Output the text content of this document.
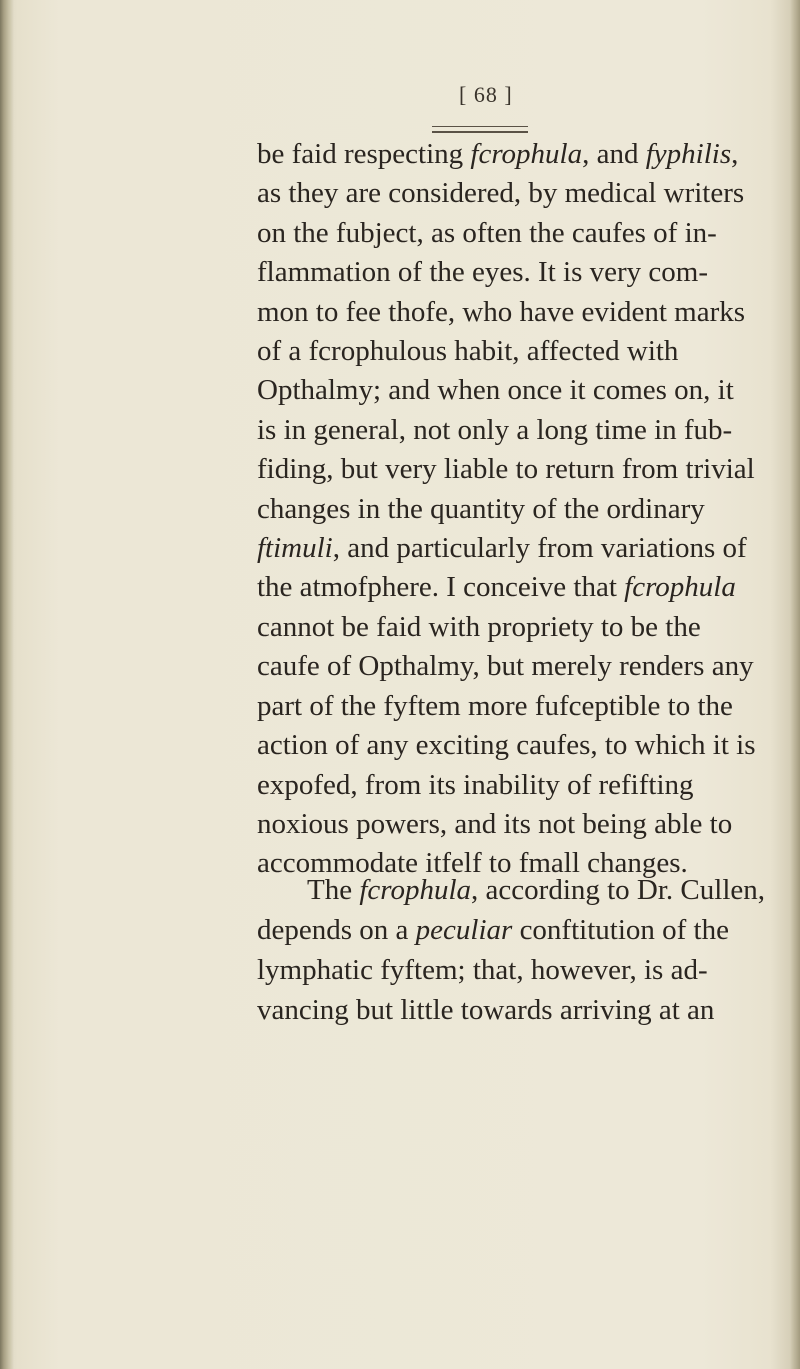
[ 68 ]
be faid respecting fcrophula, and fyphilis,
as they are considered, by medical writers
on the fubject, as often the caufes of in-
flammation of the eyes. It is very com-
mon to fee thofe, who have evident marks
of a fcrophulous habit, affected with
Opthalmy; and when once it comes on, it
is in general, not only a long time in fub-
fiding, but very liable to return from trivial
changes in the quantity of the ordinary
ftimuli, and particularly from variations of
the atmofphere. I conceive that fcrophula
cannot be faid with propriety to be the
caufe of Opthalmy, but merely renders any
part of the fyftem more fufceptible to the
action of any exciting caufes, to which it is
expofed, from its inability of refifting
noxious powers, and its not being able to
accommodate itfelf to fmall changes.
The fcrophula, according to Dr. Cullen,
depends on a peculiar conftitution of the
lymphatic fyftem; that, however, is ad-
vancing but little towards arriving at an
